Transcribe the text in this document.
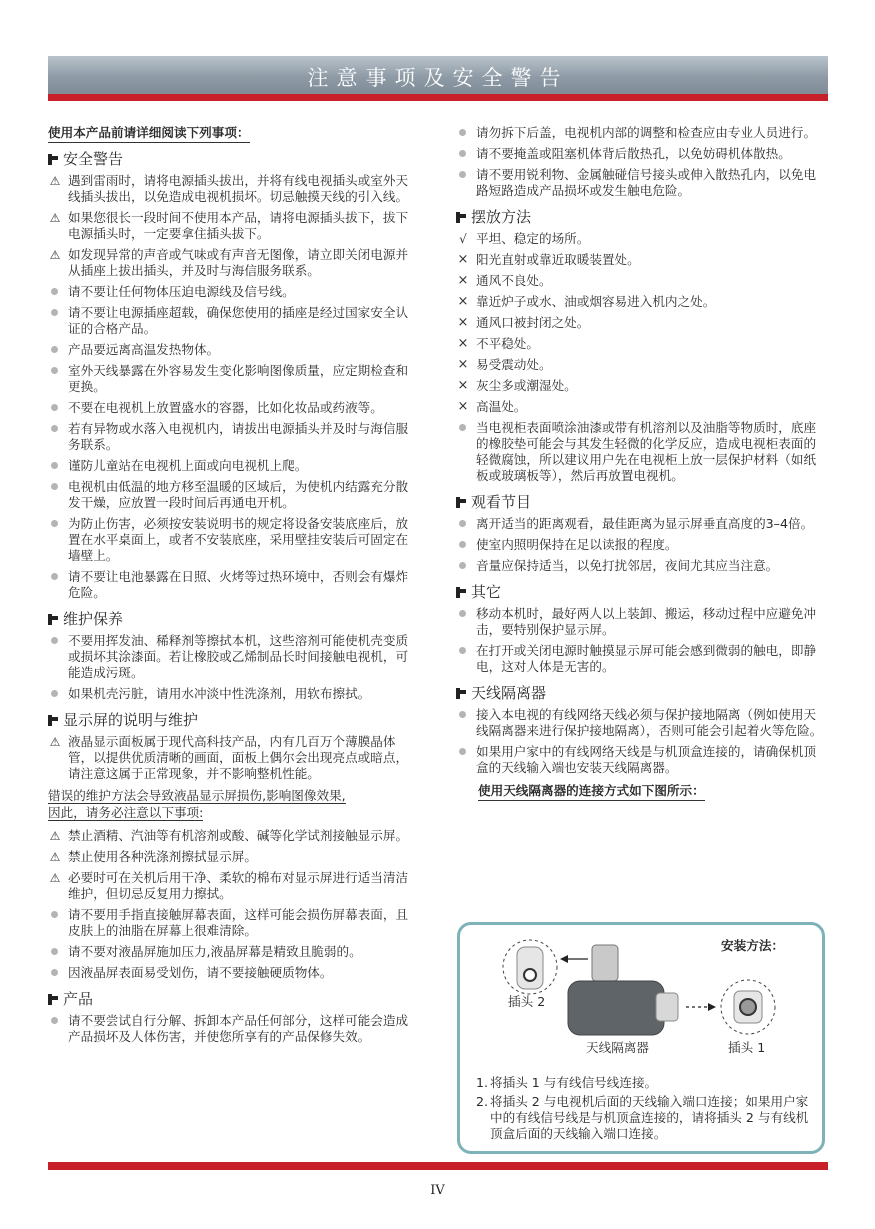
注意事项及安全警告
使用本产品前请详细阅读下列事项：
安全警告
⚠ 遇到雷雨时，请将电源插头拔出，并将有线电视插头或室外天线插头拔出，以免造成电视机损坏。切忌触摸天线的引入线。
⚠ 如果您很长一段时间不使用本产品，请将电源插头拔下，拔下电源插头时，一定要拿住插头拔下。
⚠ 如发现异常的声音或气味或有声音无图像，请立即关闭电源并从插座上拔出插头，并及时与海信服务联系。
请不要让任何物体压迫电源线及信号线。
请不要让电源插座超载，确保您使用的插座是经过国家安全认证的合格产品。
产品要远离高温发热物体。
室外天线暴露在外容易发生变化影响图像质量，应定期检查和更换。
不要在电视机上放置盛水的容器，比如化妆品或药液等。
若有异物或水落入电视机内，请拔出电源插头并及时与海信服务联系。
谨防儿童站在电视机上面或向电视机上爬。
电视机由低温的地方移至温暖的区域后，为使机内结露充分散发干燥，应放置一段时间后再通电开机。
为防止伤害，必须按安装说明书的规定将设备安装底座后，放置在水平桌面上，或者不安装底座，采用壁挂安装后可固定在墙壁上。
请不要让电池暴露在日照、火烤等过热环境中，否则会有爆炸危险。
维护保养
不要用挥发油、稀释剂等擦拭本机，这些溶剂可能使机壳变质或损坏其涂漆面。若让橡胶或乙烯制品长时间接触电视机，可能造成污斑。
如果机壳污脏，请用水冲淡中性洗涤剂，用软布擦拭。
显示屏的说明与维护
⚠ 液晶显示面板属于现代高科技产品，内有几百万个薄膜晶体管，以提供优质清晰的画面，面板上偶尔会出现亮点或暗点，请注意这属于正常现象，并不影响整机性能。
错误的维护方法会导致液晶显示屏损伤,影响图像效果,
因此，请务必注意以下事项:
⚠ 禁止酒精、汽油等有机溶剂或酸、碱等化学试剂接触显示屏。
⚠ 禁止使用各种洗涤剂擦拭显示屏。
⚠ 必要时可在关机后用干净、柔软的棉布对显示屏进行适当清洁维护，但切忌反复用力擦拭。
请不要用手指直接触屏幕表面，这样可能会损伤屏幕表面，且皮肤上的油脂在屏幕上很难清除。
请不要对液晶屏施加压力,液晶屏幕是精致且脆弱的。
因液晶屏表面易受划伤，请不要接触硬质物体。
产品
请不要尝试自行分解、拆卸本产品任何部分，这样可能会造成产品损坏及人体伤害，并使您所享有的产品保修失效。
请勿拆下后盖，电视机内部的调整和检查应由专业人员进行。
请不要掩盖或阻塞机体背后散热孔，以免妨碍机体散热。
请不要用锐利物、金属触碰信号接头或伸入散热孔内，以免电路短路造成产品损坏或发生触电危险。
摆放方法
√ 平坦、稳定的场所。
× 阳光直射或靠近取暖装置处。
× 通风不良处。
× 靠近炉子或水、油或烟容易进入机内之处。
× 通风口被封闭之处。
× 不平稳处。
× 易受震动处。
× 灰尘多或潮湿处。
× 高温处。
当电视柜表面喷涂油漆或带有机溶剂以及油脂等物质时，底座的橡胶垫可能会与其发生轻微的化学反应，造成电视柜表面的轻微腐蚀，所以建议用户先在电视柜上放一层保护材料（如纸板或玻璃板等），然后再放置电视机。
观看节目
离开适当的距离观看，最佳距离为显示屏垂直高度的3–4倍。
使室内照明保持在足以读报的程度。
音量应保持适当，以免打扰邻居，夜间尤其应当注意。
其它
移动本机时，最好两人以上装卸、搬运，移动过程中应避免冲击，要特别保护显示屏。
在打开或关闭电源时触摸显示屏可能会感到微弱的触电，即静电，这对人体是无害的。
天线隔离器
接入本电视的有线网络天线必须与保护接地隔离（例如使用天线隔离器来进行保护接地隔离），否则可能会引起着火等危险。
如果用户家中的有线网络天线是与机顶盒连接的，请确保机顶盒的天线输入端也安装天线隔离器。
使用天线隔离器的连接方式如下图所示：
安装方法：
插头 2
天线隔离器	插头 1
1. 将插头 1 与有线信号线连接。
2. 将插头 2 与电视机后面的天线输入端口连接；如果用户家中的有线信号线是与机顶盒连接的，请将插头 2 与有线机顶盒后面的天线输入端口连接。
IV
